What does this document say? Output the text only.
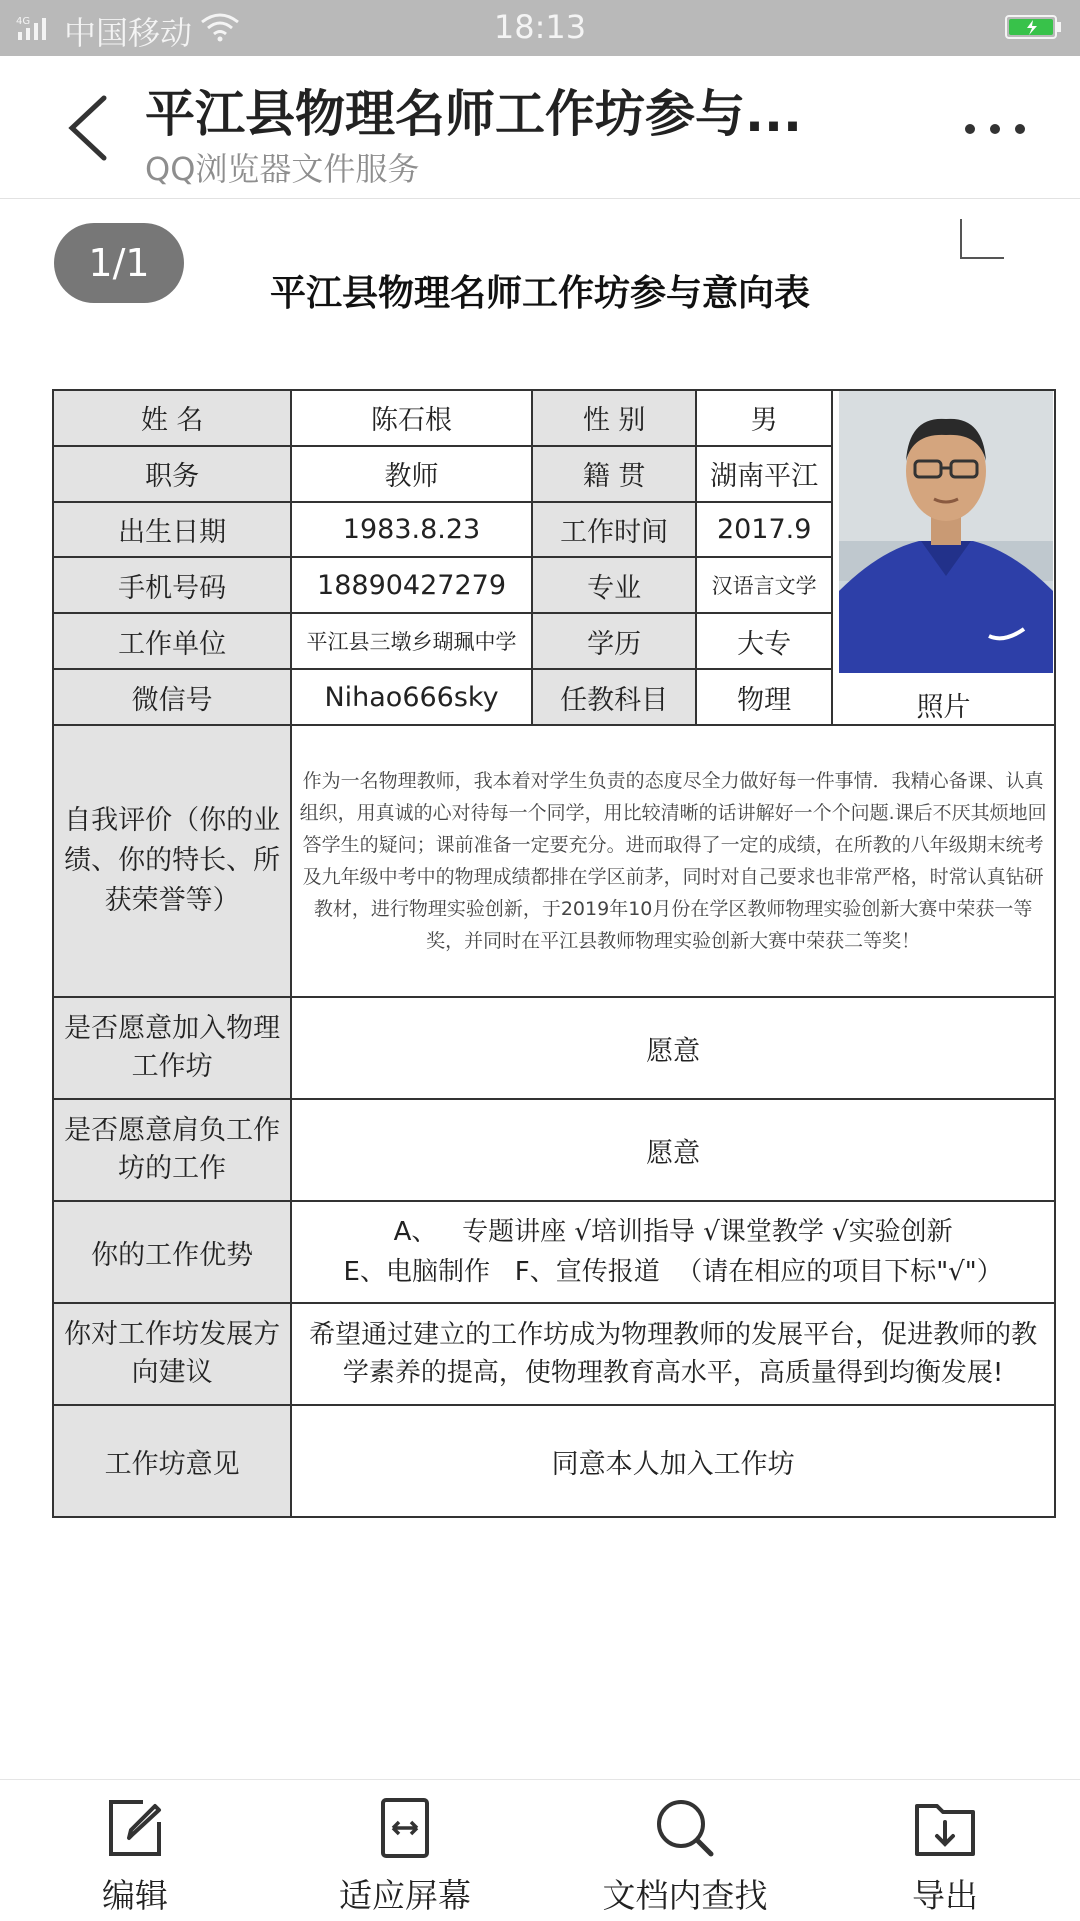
4G 中国移动	18:13
平江县物理名师工作坊参与...
QQ浏览器文件服务
1/1
平江县物理名师工作坊参与意向表
姓 名	陈石根	性 别	男	照片

职务	教师	籍 贯	湖南平江	
出生日期	1983.8.23	工作时间	2017.9	
手机号码	18890427279	专业	汉语言文学	
工作单位	平江县三墩乡瑚珮中学	学历	大专	
微信号	Nihao666sky	任教科目	物理	
自我评价（你的业绩、你的特长、所获荣誉等）	作为一名物理教师，我本着对学生负责的态度尽全力做好每一件事情．我精心备课、认真组织，用真诚的心对待每一个同学，用比较清晰的话讲解好一个个问题.课后不厌其烦地回答学生的疑问；课前准备一定要充分。进而取得了一定的成绩，在所教的八年级期末统考及九年级中考中的物理成绩都排在学区前茅，同时对自己要求也非常严格，时常认真钻研教材，进行物理实验创新，于2019年10月份在学区教师物理实验创新大赛中荣获一等奖，并同时在平江县教师物理实验创新大赛中荣获二等奖！			
是否愿意加入物理工作坊	愿意			
是否愿意肩负工作坊的工作	愿意			
你的工作优势	A、   专题讲座 √培训指导 √课堂教学 √实验创新
E、电脑制作   F、宣传报道  （请在相应的项目下标"√"）			

你对工作坊发展方向建议	希望通过建立的工作坊成为物理教师的发展平台，促进教师的教学素养的提高，使物理教育高水平，高质量得到均衡发展!			
工作坊意见	同意本人加入工作坊			
编辑	适应屏幕	文档内查找	导出
